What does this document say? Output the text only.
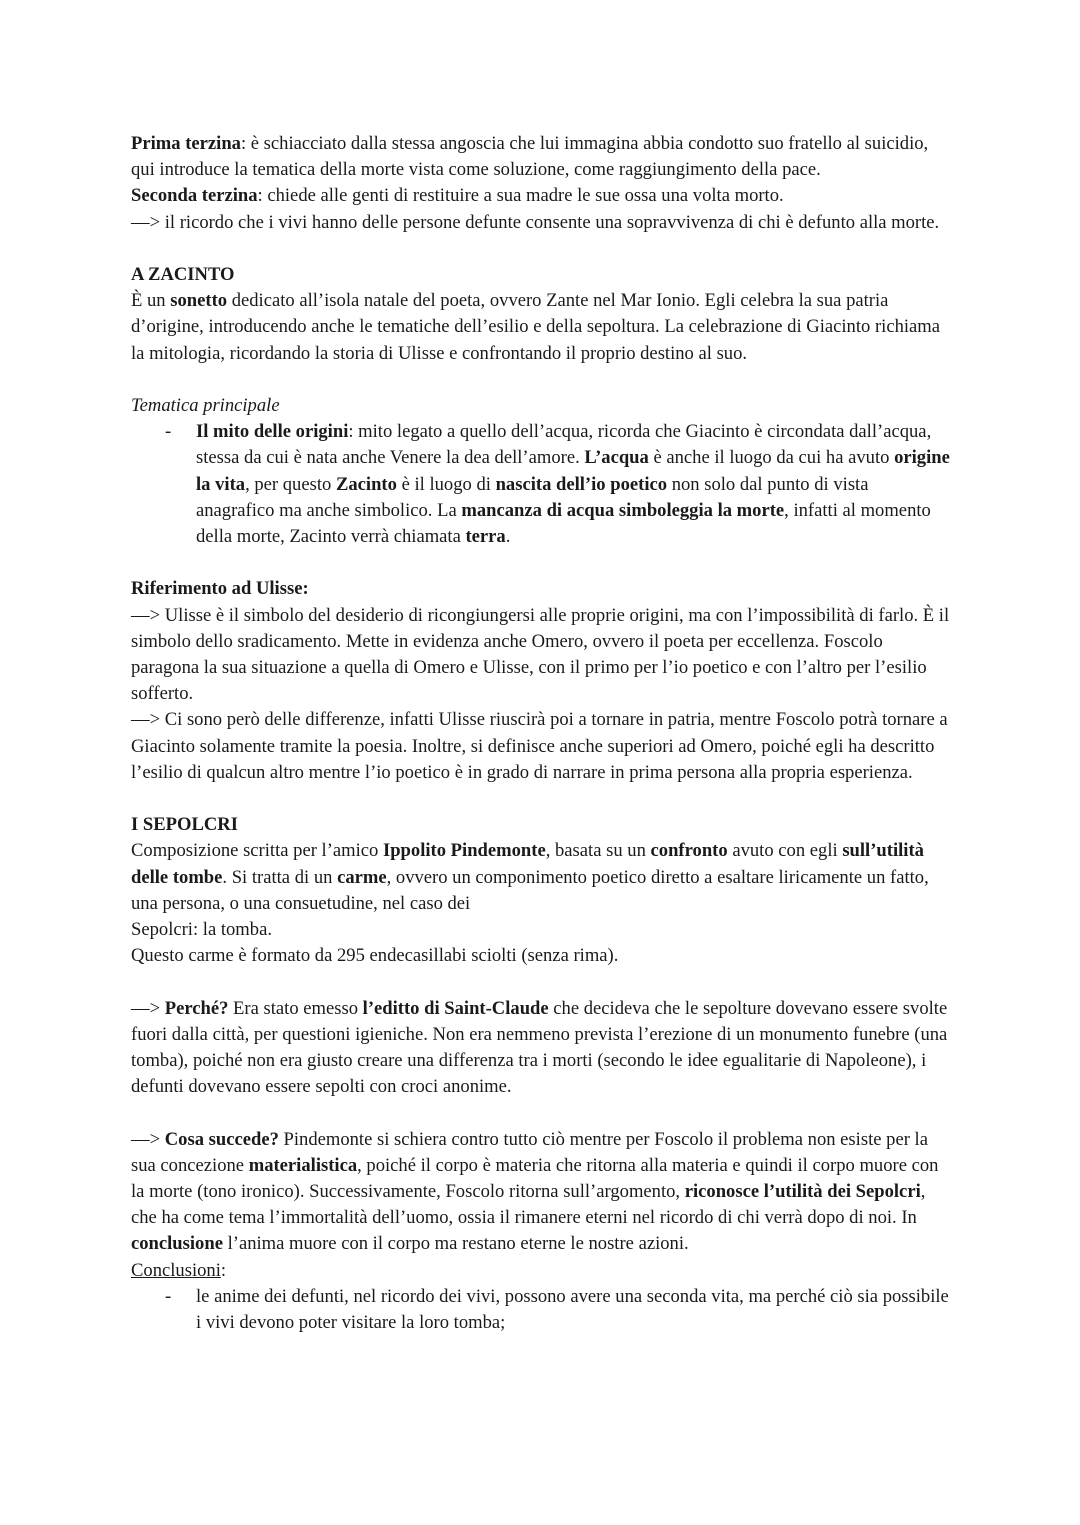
Prima terzina: è schiacciato dalla stessa angoscia che lui immagina abbia condotto suo fratello al suicidio, qui introduce la tematica della morte vista come soluzione, come raggiungimento della pace.

Seconda terzina: chiede alle genti di restituire a sua madre le sue ossa una volta morto.

—> il ricordo che i vivi hanno delle persone defunte consente una sopravvivenza di chi è defunto alla morte.

A ZACINTO

È un sonetto dedicato all’isola natale del poeta, ovvero Zante nel Mar Ionio. Egli celebra la sua patria d’origine, introducendo anche le tematiche dell’esilio e della sepoltura. La celebrazione di Giacinto richiama la mitologia, ricordando la storia di Ulisse e confrontando il proprio destino al suo.

Tematica principale

- Il mito delle origini: mito legato a quello dell’acqua, ricorda che Giacinto è circondata dall’acqua, stessa da cui è nata anche Venere la dea dell’amore. L’acqua è anche il luogo da cui ha avuto origine la vita, per questo Zacinto è il luogo di nascita dell’io poetico non solo dal punto di vista anagrafico ma anche simbolico. La mancanza di acqua simboleggia la morte, infatti al momento della morte, Zacinto verrà chiamata terra.

Riferimento ad Ulisse:

—> Ulisse è il simbolo del desiderio di ricongiungersi alle proprie origini, ma con l’impossibilità di farlo. È il simbolo dello sradicamento. Mette in evidenza anche Omero, ovvero il poeta per eccellenza. Foscolo paragona la sua situazione a quella di Omero e Ulisse, con il primo per l’io poetico e con l’altro per l’esilio sofferto.

—> Ci sono però delle differenze, infatti Ulisse riuscirà poi a tornare in patria, mentre Foscolo potrà tornare a Giacinto solamente tramite la poesia. Inoltre, si definisce anche superiori ad Omero, poiché egli ha descritto l’esilio di qualcun altro mentre l’io poetico è in grado di narrare in prima persona alla propria esperienza.

I SEPOLCRI

Composizione scritta per l’amico Ippolito Pindemonte, basata su un confronto avuto con egli sull’utilità delle tombe. Si tratta di un carme, ovvero un componimento poetico diretto a esaltare liricamente un fatto, una persona, o una consuetudine, nel caso dei

Sepolcri: la tomba.

Questo carme è formato da 295 endecasillabi sciolti (senza rima).

—> Perché? Era stato emesso l’editto di Saint-Claude che decideva che le sepolture dovevano essere svolte fuori dalla città, per questioni igieniche. Non era nemmeno prevista l’erezione di un monumento funebre (una tomba), poiché non era giusto creare una differenza tra i morti (secondo le idee egualitarie di Napoleone), i defunti dovevano essere sepolti con croci anonime.

—> Cosa succede? Pindemonte si schiera contro tutto ciò mentre per Foscolo il problema non esiste per la sua concezione materialistica, poiché il corpo è materia che ritorna alla materia e quindi il corpo muore con la morte (tono ironico). Successivamente, Foscolo ritorna sull’argomento, riconosce l’utilità dei Sepolcri, che ha come tema l’immortalità dell’uomo, ossia il rimanere eterni nel ricordo di chi verrà dopo di noi. In conclusione l’anima muore con il corpo ma restano eterne le nostre azioni.

Conclusioni:

- le anime dei defunti, nel ricordo dei vivi, possono avere una seconda vita, ma perché ciò sia possibile i vivi devono poter visitare la loro tomba;
